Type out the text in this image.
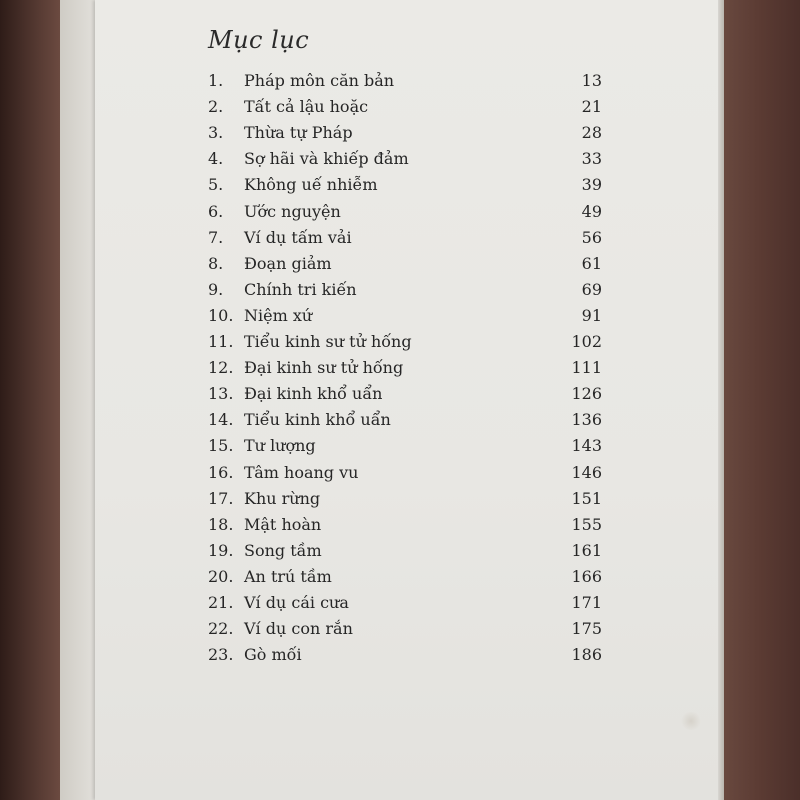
Mục lục
1. Pháp môn căn bản	13
2. Tất cả lậu hoặc	21
3. Thừa tự Pháp	28
4. Sợ hãi và khiếp đảm	33
5. Không uế nhiễm	39
6. Ước nguyện	49
7. Ví dụ tấm vải	56
8. Đoạn giảm	61
9. Chính tri kiến	69
10. Niệm xứ	91
11. Tiểu kinh sư tử hống	102
12. Đại kinh sư tử hống	111
13. Đại kinh khổ uẩn	126
14. Tiểu kinh khổ uẩn	136
15. Tư lượng	143
16. Tâm hoang vu	146
17. Khu rừng	151
18. Mật hoàn	155
19. Song tầm	161
20. An trú tầm	166
21. Ví dụ cái cưa	171
22. Ví dụ con rắn	175
23. Gò mối	186
